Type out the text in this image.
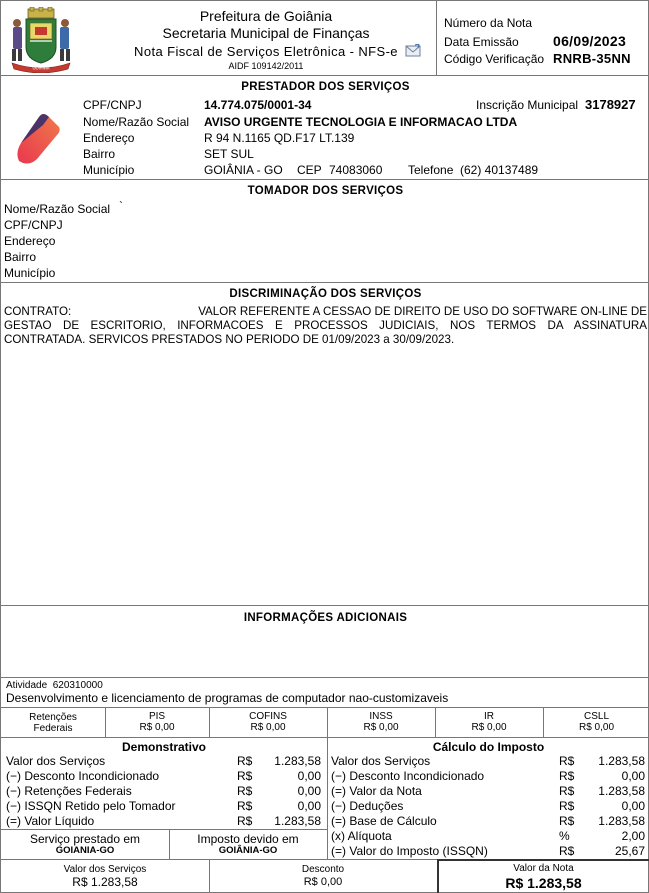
GOIANIA
Prefeitura de Goiânia
Secretaria Municipal de Finanças
Nota Fiscal de Serviços Eletrônica - NFS-e
AIDF 109142/2011
Número da Nota
Data Emissão 06/09/2023
Código Verificação RNRB-35NN
PRESTADOR DOS SERVIÇOS
CPF/CNPJ	14.774.075/0001-34	Inscrição Municipal 3178927
Nome/Razão Social AVISO URGENTE TECNOLOGIA E INFORMACAO LTDA
Endereço	R 94 N.1165 QD.F17 LT.139
Bairro	SET SUL
Município	GOIÂNIA - GO CEP 74083060 Telefone (62) 40137489
TOMADOR DOS SERVIÇOS
Nome/Razão Social `
CPF/CNPJ
Endereço
Bairro
Município
DISCRIMINAÇÃO DOS SERVIÇOS
CONTRATO:	VALOR REFERENTE A CESSAO DE DIREITO DE USO DO SOFTWARE ON-LINE DE
GESTAO DE ESCRITORIO, INFORMACOES E PROCESSOS JUDICIAIS, NOS TERMOS DA ASSINATURA
CONTRATADA. SERVICOS PRESTADOS NO PERIODO DE 01/09/2023 a 30/09/2023.
INFORMAÇÕES ADICIONAIS
Atividade 620310000
Desenvolvimento e licenciamento de programas de computador nao-customizaveis
Retenções
Federais
PIS
R$ 0,00
COFINS
R$ 0,00
INSS
R$ 0,00
IR
R$ 0,00
CSLL
R$ 0,00
Demonstrativo	Cálculo do Imposto
Valor dos Serviços	R$	1.283,58
(−) Desconto Incondicionado	R$	0,00
(−) Retenções Federais	R$	0,00
(−) ISSQN Retido pelo Tomador	R$	0,00
(=) Valor Líquido	R$	1.283,58
Valor dos Serviços	R$	1.283,58
(−) Desconto Incondicionado	R$	0,00
(=) Valor da Nota	R$	1.283,58
(−) Deduções	R$	0,00
(=) Base de Cálculo	R$	1.283,58
(x) Alíquota	%	2,00
(=) Valor do Imposto (ISSQN)	R$	25,67
Serviço prestado em
GOIANIA-GO
Imposto devido em
GOIÂNIA-GO
Valor dos Serviços
R$ 1.283,58
Desconto
R$ 0,00
Valor da Nota
R$ 1.283,58
